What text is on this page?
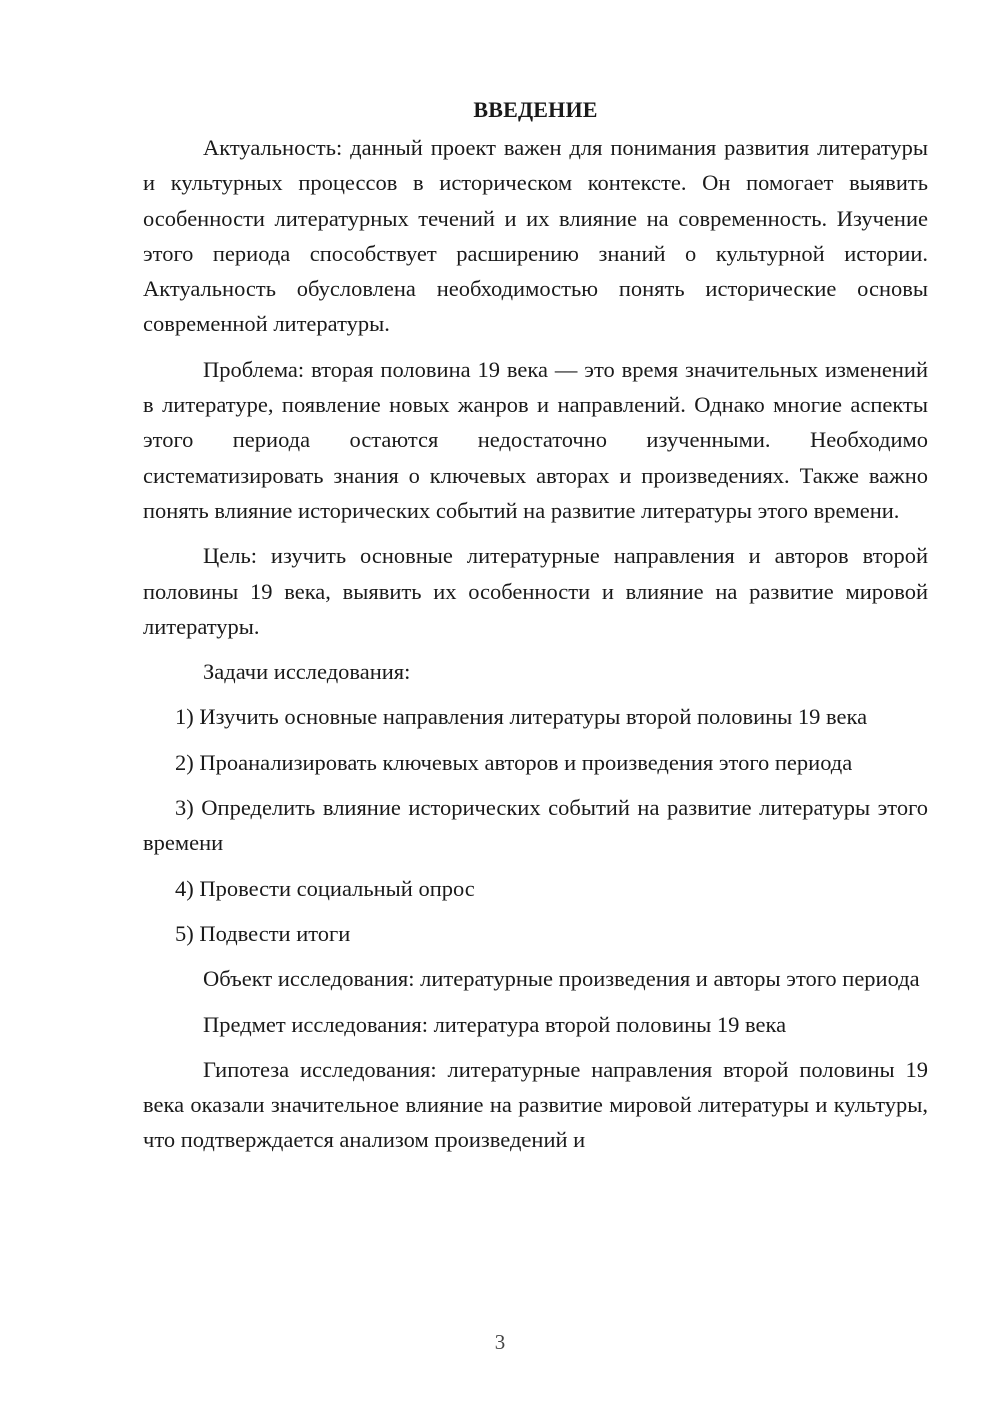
ВВЕДЕНИЕ

Актуальность: данный проект важен для понимания развития литературы и культурных процессов в историческом контексте. Он помогает выявить особенности литературных течений и их влияние на современность. Изучение этого периода способствует расширению знаний о культурной истории. Актуальность обусловлена необходимостью понять исторические основы современной литературы.

Проблема: вторая половина 19 века — это время значительных изменений в литературе, появление новых жанров и направлений. Однако многие аспекты этого периода остаются недостаточно изученными. Необходимо систематизировать знания о ключевых авторах и произведениях. Также важно понять влияние исторических событий на развитие литературы этого времени.

Цель: изучить основные литературные направления и авторов второй половины 19 века, выявить их особенности и влияние на развитие мировой литературы.

Задачи исследования:

1) Изучить основные направления литературы второй половины 19 века

2) Проанализировать ключевых авторов и произведения этого периода

3) Определить влияние исторических событий на развитие литературы этого времени

4) Провести социальный опрос

5) Подвести итоги

Объект исследования: литературные произведения и авторы этого периода

Предмет исследования: литература второй половины 19 века

Гипотеза исследования: литературные направления второй половины 19 века оказали значительное влияние на развитие мировой литературы и культуры, что подтверждается анализом произведений и

3
